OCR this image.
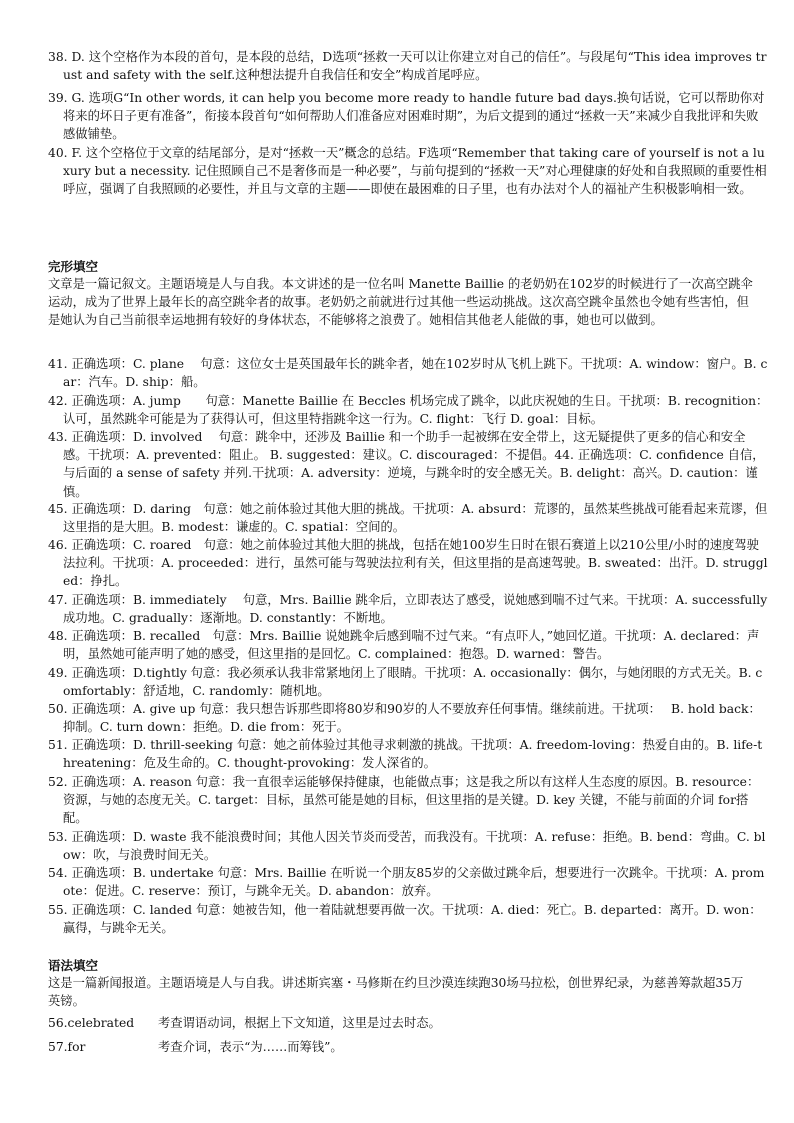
38. D. 这个空格作为本段的首句，是本段的总结，D选项“拯救一天可以让你建立对自己的信任”。与段尾句“This idea improves trust and safety with the self.这种想法提升自我信任和安全”构成首尾呼应。
39. G. 选项G“In other words, it can help you become more ready to handle future bad days.换句话说，它可以帮助你对将来的坏日子更有准备”，衔接本段首句“如何帮助人们准备应对困难时期”，为后文提到的通过“拯救一天”来减少自我批评和失败感做铺垫。
40. F. 这个空格位于文章的结尾部分，是对“拯救一天”概念的总结。F选项“Remember that taking care of yourself is not a luxury but a necessity. 记住照顾自己不是奢侈而是一种必要”，与前句提到的“拯救一天”对心理健康的好处和自我照顾的重要性相呼应，强调了自我照顾的必要性，并且与文章的主题——即使在最困难的日子里，也有办法对个人的福祉产生积极影响相一致。
完形填空
文章是一篇记叙文。主题语境是人与自我。本文讲述的是一位名叫 Manette Baillie 的老奶奶在102岁的时候进行了一次高空跳伞运动，成为了世界上最年长的高空跳伞者的故事。老奶奶之前就进行过其他一些运动挑战。这次高空跳伞虽然也令她有些害怕，但是她认为自己当前很幸运地拥有较好的身体状态，不能够将之浪费了。她相信其他老人能做的事，她也可以做到。
41. 正确选项：C. plane　 句意：这位女士是英国最年长的跳伞者，她在102岁时从飞机上跳下。干扰项：A. window：窗户。B. car：汽车。D. ship：船。
42. 正确选项：A. jump　　句意：Manette Baillie 在 Beccles 机场完成了跳伞，以此庆祝她的生日。干扰项：B. recognition：认可，虽然跳伞可能是为了获得认可，但这里特指跳伞这一行为。C. flight：飞行 D. goal：目标。
43. 正确选项：D. involved　 句意：跳伞中，还涉及 Baillie 和一个助手一起被绑在安全带上，这无疑提供了更多的信心和安全感。干扰项：A. prevented：阻止。 B. suggested：建议。C. discouraged：不提倡。44. 正确选项：C. confidence 自信，与后面的 a sense of safety 并列.干扰项：A. adversity：逆境，与跳伞时的安全感无关。B. delight：高兴。D. caution：谨慎。
45. 正确选项：D. daring　句意：她之前体验过其他大胆的挑战。干扰项：A. absurd：荒谬的，虽然某些挑战可能看起来荒谬，但这里指的是大胆。B. modest：谦虚的。C. spatial：空间的。
46. 正确选项：C. roared　句意：她之前体验过其他大胆的挑战，包括在她100岁生日时在银石赛道上以210公里/小时的速度驾驶法拉利。干扰项：A. proceeded：进行，虽然可能与驾驶法拉利有关，但这里指的是高速驾驶。B. sweated：出汗。D. struggled：挣扎。
47. 正确选项：B. immediately　 句意，Mrs. Baillie 跳伞后，立即表达了感受，说她感到喘不过气来。干扰项：A. successfully 成功地。C. gradually：逐渐地。D. constantly：不断地。
48. 正确选项：B. recalled　句意：Mrs. Baillie 说她跳伞后感到喘不过气来。“有点吓人，”她回忆道。干扰项：A. declared：声明，虽然她可能声明了她的感受，但这里指的是回忆。C. complained：抱怨。D. warned：警告。
49. 正确选项：D.tightly 句意：我必须承认我非常紧地闭上了眼睛。干扰项：A. occasionally：偶尔，与她闭眼的方式无关。B. comfortably：舒适地，C. randomly：随机地。
50. 正确选项：A. give up 句意：我只想告诉那些即将80岁和90岁的人不要放弃任何事情。继续前进。干扰项：　 B. hold back：抑制。C. turn down：拒绝。D. die from：死于。
51. 正确选项：D. thrill-seeking 句意：她之前体验过其他寻求刺激的挑战。干扰项：A. freedom-loving：热爱自由的。B. life-threatening：危及生命的。C. thought-provoking：发人深省的。
52. 正确选项：A. reason 句意：我一直很幸运能够保持健康，也能做点事；这是我之所以有这样人生态度的原因。B. resource：资源，与她的态度无关。C. target：目标，虽然可能是她的目标，但这里指的是关键。D. key 关键，不能与前面的介词 for搭配。
53. 正确选项：D. waste 我不能浪费时间；其他人因关节炎而受苦，而我没有。干扰项：A. refuse：拒绝。B. bend：弯曲。C. blow：吹，与浪费时间无关。
54. 正确选项：B. undertake 句意：Mrs. Baillie 在听说一个朋友85岁的父亲做过跳伞后，想要进行一次跳伞。干扰项：A. promote：促进。C. reserve：预订，与跳伞无关。D. abandon：放弃。
55. 正确选项：C. landed 句意：她被告知，他一着陆就想要再做一次。干扰项：A. died：死亡。B. departed：离开。D. won：赢得，与跳伞无关。
语法填空
这是一篇新闻报道。主题语境是人与自我。讲述斯宾塞・马修斯在约旦沙漠连续跑30场马拉松，创世界纪录，为慈善筹款超35万英镑。
56.celebrated 考查谓语动词，根据上下文知道，这里是过去时态。
57.for	考查介词，表示“为……而筹钱”。
